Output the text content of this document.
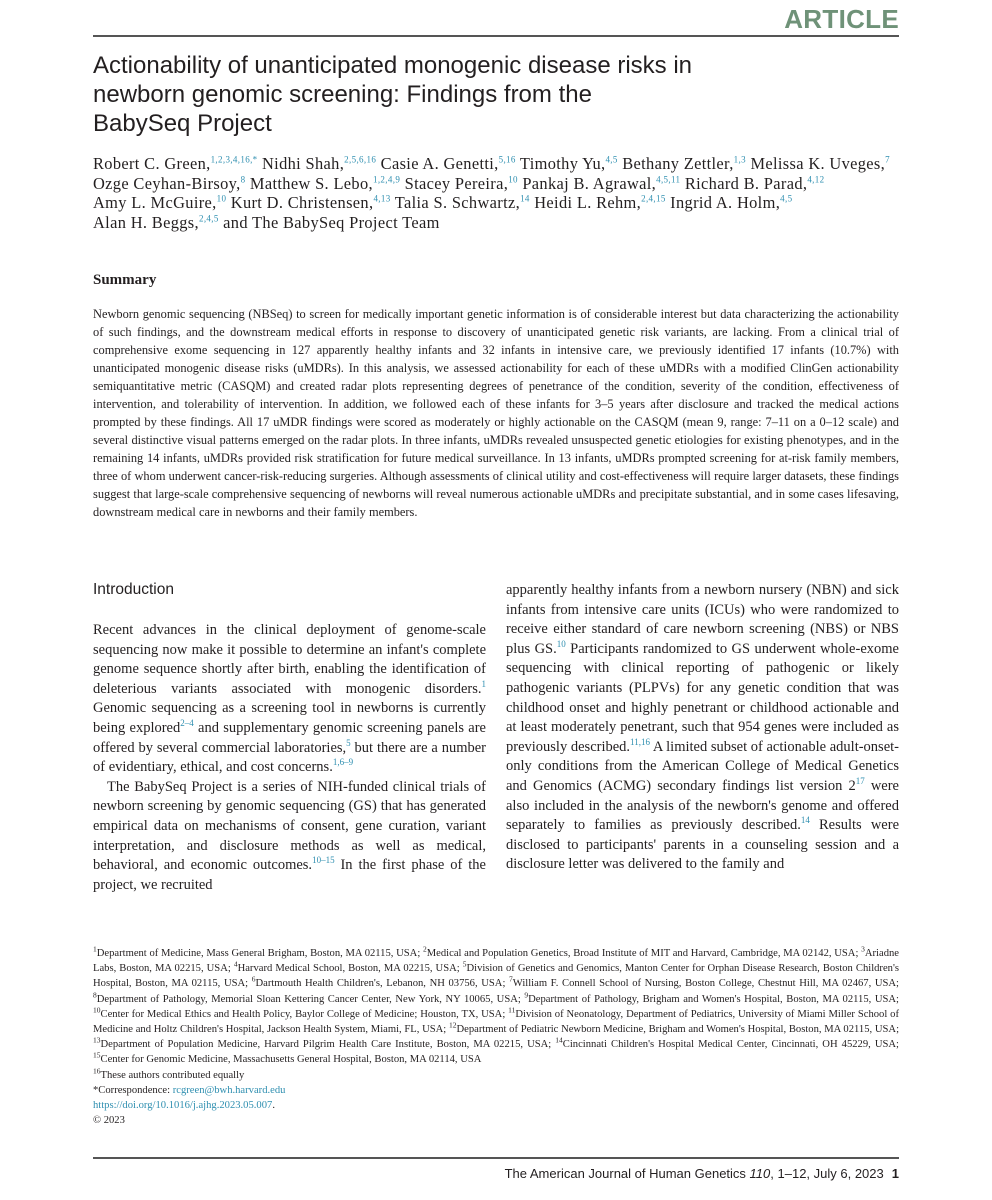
ARTICLE
Actionability of unanticipated monogenic disease risks in newborn genomic screening: Findings from the BabySeq Project
Robert C. Green,$^{1,2,3,4,16,*}$ Nidhi Shah,$^{2,5,6,16}$ Casie A. Genetti,$^{5,16}$ Timothy Yu,$^{4,5}$ Bethany Zettler,$^{1,3}$ Melissa K. Uveges,$^7$ Ozge Ceyhan-Birsoy,$^8$ Matthew S. Lebo,$^{1,2,4,9}$ Stacey Pereira,$^{10}$ Pankaj B. Agrawal,$^{4,5,11}$ Richard B. Parad,$^{4,12}$ Amy L. McGuire,$^{10}$ Kurt D. Christensen,$^{4,13}$ Talia S. Schwartz,$^{14}$ Heidi L. Rehm,$^{2,4,15}$ Ingrid A. Holm,$^{4,5}$ Alan H. Beggs,$^{2,4,5}$ and The BabySeq Project Team
Summary

Newborn genomic sequencing (NBSeq) to screen for medically important genetic information is of considerable interest but data characterizing the actionability of such findings, and the downstream medical efforts in response to discovery of unanticipated genetic risk variants, are lacking. From a clinical trial of comprehensive exome sequencing in 127 apparently healthy infants and 32 infants in intensive care, we previously identified 17 infants (10.7%) with unanticipated monogenic disease risks (uMDRs). In this analysis, we assessed actionability for each of these uMDRs with a modified ClinGen actionability semiquantitative metric (CASQM) and created radar plots representing degrees of penetrance of the condition, severity of the condition, effectiveness of intervention, and tolerability of intervention. In addition, we followed each of these infants for 3–5 years after disclosure and tracked the medical actions prompted by these findings. All 17 uMDR findings were scored as moderately or highly actionable on the CASQM (mean 9, range: 7–11 on a 0–12 scale) and several distinctive visual patterns emerged on the radar plots. In three infants, uMDRs revealed unsuspected genetic etiologies for existing phenotypes, and in the remaining 14 infants, uMDRs provided risk stratification for future medical surveillance. In 13 infants, uMDRs prompted screening for at-risk family members, three of whom underwent cancer-risk-reducing surgeries. Although assessments of clinical utility and cost-effectiveness will require larger datasets, these findings suggest that large-scale comprehensive sequencing of newborns will reveal numerous actionable uMDRs and precipitate substantial, and in some cases lifesaving, downstream medical care in newborns and their family members.

Introduction

Recent advances in the clinical deployment of genome-scale sequencing now make it possible to determine an infant's complete genome sequence shortly after birth, enabling the identification of deleterious variants associated with monogenic disorders.$^1$ Genomic sequencing as a screening tool in newborns is currently being explored$^{2-4}$ and supplementary genomic screening panels are offered by several commercial laboratories,$^5$ but there are a number of evidentiary, ethical, and cost concerns.$^{1,6-9}$

The BabySeq Project is a series of NIH-funded clinical trials of newborn screening by genomic sequencing (GS) that has generated empirical data on mechanisms of consent, gene curation, variant interpretation, and disclosure methods as well as medical, behavioral, and economic outcomes.$^{10-15}$ In the first phase of the project, we recruited

apparently healthy infants from a newborn nursery (NBN) and sick infants from intensive care units (ICUs) who were randomized to receive either standard of care newborn screening (NBS) or NBS plus GS.$^{10}$ Participants randomized to GS underwent whole-exome sequencing with clinical reporting of pathogenic or likely pathogenic variants (PLPVs) for any genetic condition that was childhood onset and highly penetrant or childhood actionable and at least moderately penetrant, such that 954 genes were included as previously described.$^{11,16}$ A limited subset of actionable adult-onset-only conditions from the American College of Medical Genetics and Genomics (ACMG) secondary findings list version $2^{17}$ were also included in the analysis of the newborn's genome and offered separately to families as previously described.$^{14}$ Results were disclosed to participants' parents in a counseling session and a disclosure letter was delivered to the family and

$^1$Department of Medicine, Mass General Brigham, Boston, MA 02115, USA; $^2$Medical and Population Genetics, Broad Institute of MIT and Harvard, Cambridge, MA 02142, USA; $^3$Ariadne Labs, Boston, MA 02215, USA; $^4$Harvard Medical School, Boston, MA 02215, USA; $^5$Division of Genetics and Genomics, Manton Center for Orphan Disease Research, Boston Children's Hospital, Boston, MA 02115, USA; $^6$Dartmouth Health Children's, Lebanon, NH 03756, USA; $^7$William F. Connell School of Nursing, Boston College, Chestnut Hill, MA 02467, USA; $^8$Department of Pathology, Memorial Sloan Kettering Cancer Center, New York, NY 10065, USA; $^9$Department of Pathology, Brigham and Women's Hospital, Boston, MA 02115, USA; $^{10}$Center for Medical Ethics and Health Policy, Baylor College of Medicine; Houston, TX, USA; $^{11}$Division of Neonatology, Department of Pediatrics, University of Miami Miller School of Medicine and Holtz Children's Hospital, Jackson Health System, Miami, FL, USA; $^{12}$Department of Pediatric Newborn Medicine, Brigham and Women's Hospital, Boston, MA 02115, USA; $^{13}$Department of Population Medicine, Harvard Pilgrim Health Care Institute, Boston, MA 02215, USA; $^{14}$Cincinnati Children's Hospital Medical Center, Cincinnati, OH 45229, USA; $^{15}$Center for Genomic Medicine, Massachusetts General Hospital, Boston, MA 02114, USA

$^{16}$These authors contributed equally

*Correspondence: rcgreen@bwh.harvard.edu

https://doi.org/10.1016/j.ajhg.2023.05.007.

© 2023

The American Journal of Human Genetics 110, 1–12, July 6, 2023 1
